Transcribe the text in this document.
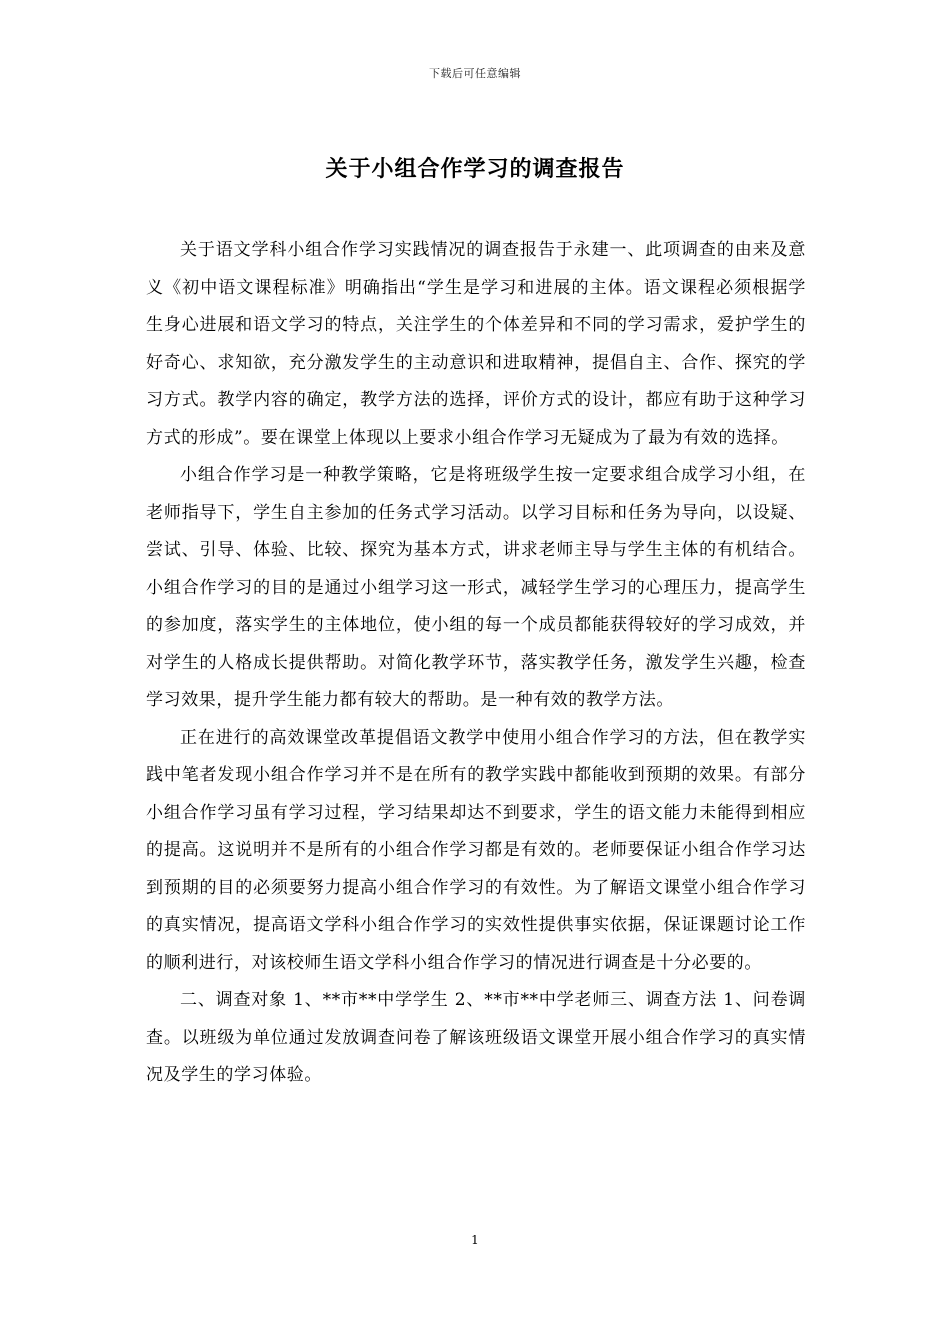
下载后可任意编辑
关于小组合作学习的调查报告

关于语文学科小组合作学习实践情况的调查报告于永建一、此项调查的由来及意义《初中语文课程标准》明确指出“学生是学习和进展的主体。语文课程必须根据学生身心进展和语文学习的特点，关注学生的个体差异和不同的学习需求，爱护学生的好奇心、求知欲，充分激发学生的主动意识和进取精神，提倡自主、合作、探究的学习方式。教学内容的确定，教学方法的选择，评价方式的设计，都应有助于这种学习方式的形成”。要在课堂上体现以上要求小组合作学习无疑成为了最为有效的选择。

小组合作学习是一种教学策略，它是将班级学生按一定要求组合成学习小组，在老师指导下，学生自主参加的任务式学习活动。以学习目标和任务为导向，以设疑、尝试、引导、体验、比较、探究为基本方式，讲求老师主导与学生主体的有机结合。小组合作学习的目的是通过小组学习这一形式，减轻学生学习的心理压力，提高学生的参加度，落实学生的主体地位，使小组的每一个成员都能获得较好的学习成效，并对学生的人格成长提供帮助。对简化教学环节，落实教学任务，激发学生兴趣，检查学习效果，提升学生能力都有较大的帮助。是一种有效的教学方法。

正在进行的高效课堂改革提倡语文教学中使用小组合作学习的方法，但在教学实践中笔者发现小组合作学习并不是在所有的教学实践中都能收到预期的效果。有部分小组合作学习虽有学习过程，学习结果却达不到要求，学生的语文能力未能得到相应的提高。这说明并不是所有的小组合作学习都是有效的。老师要保证小组合作学习达到预期的目的必须要努力提高小组合作学习的有效性。为了解语文课堂小组合作学习的真实情况，提高语文学科小组合作学习的实效性提供事实依据，保证课题讨论工作的顺利进行，对该校师生语文学科小组合作学习的情况进行调查是十分必要的。

二、调查对象 1、**市**中学学生 2、**市**中学老师三、调查方法 1、问卷调查。以班级为单位通过发放调查问卷了解该班级语文课堂开展小组合作学习的真实情况及学生的学习体验。

1
